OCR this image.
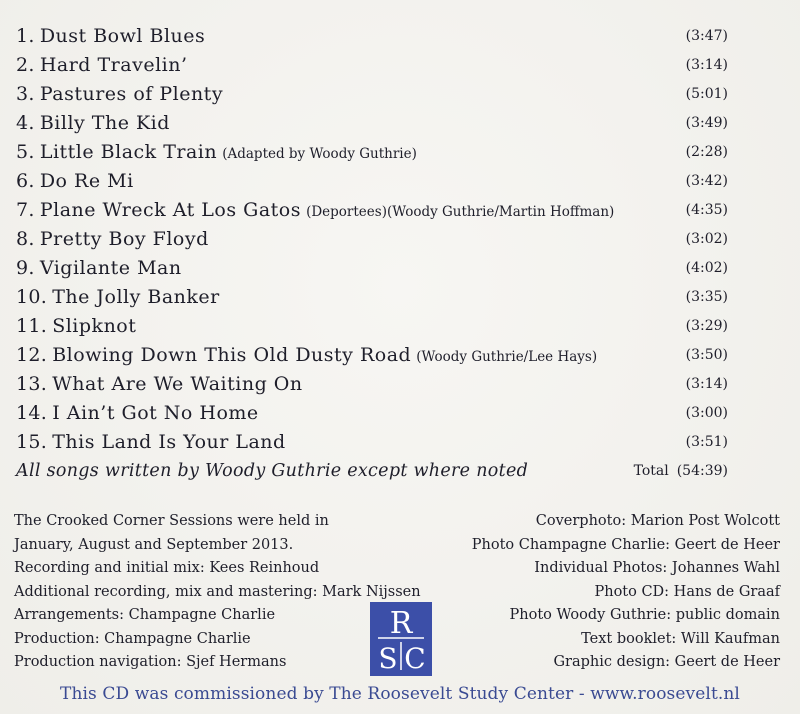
1. Dust Bowl Blues	(3:47)
2. Hard Travelin’	(3:14)
3. Pastures of Plenty	(5:01)
4. Billy The Kid	(3:49)
5. Little Black Train (Adapted by Woody Guthrie)	(2:28)
6. Do Re Mi	(3:42)
7. Plane Wreck At Los Gatos (Deportees)(Woody Guthrie/Martin Hoffman)	(4:35)
8. Pretty Boy Floyd	(3:02)
9. Vigilante Man	(4:02)
10. The Jolly Banker	(3:35)
11. Slipknot	(3:29)
12. Blowing Down This Old Dusty Road (Woody Guthrie/Lee Hays)	(3:50)
13. What Are We Waiting On	(3:14)
14. I Ain’t Got No Home	(3:00)
15. This Land Is Your Land	(3:51)
All songs written by Woody Guthrie except where noted	Total (54:39)
The Crooked Corner Sessions were held in
January, August and September 2013.
Recording and initial mix: Kees Reinhoud
Additional recording, mix and mastering: Mark Nijssen
Arrangements: Champagne Charlie
Production: Champagne Charlie
Production navigation: Sjef Hermans
Coverphoto: Marion Post Wolcott
Photo Champagne Charlie: Geert de Heer
Individual Photos: Johannes Wahl
Photo CD: Hans de Graaf
Photo Woody Guthrie: public domain
Text booklet: Will Kaufman
Graphic design: Geert de Heer
R
S C
This CD was commissioned by The Roosevelt Study Center - www.roosevelt.nl
